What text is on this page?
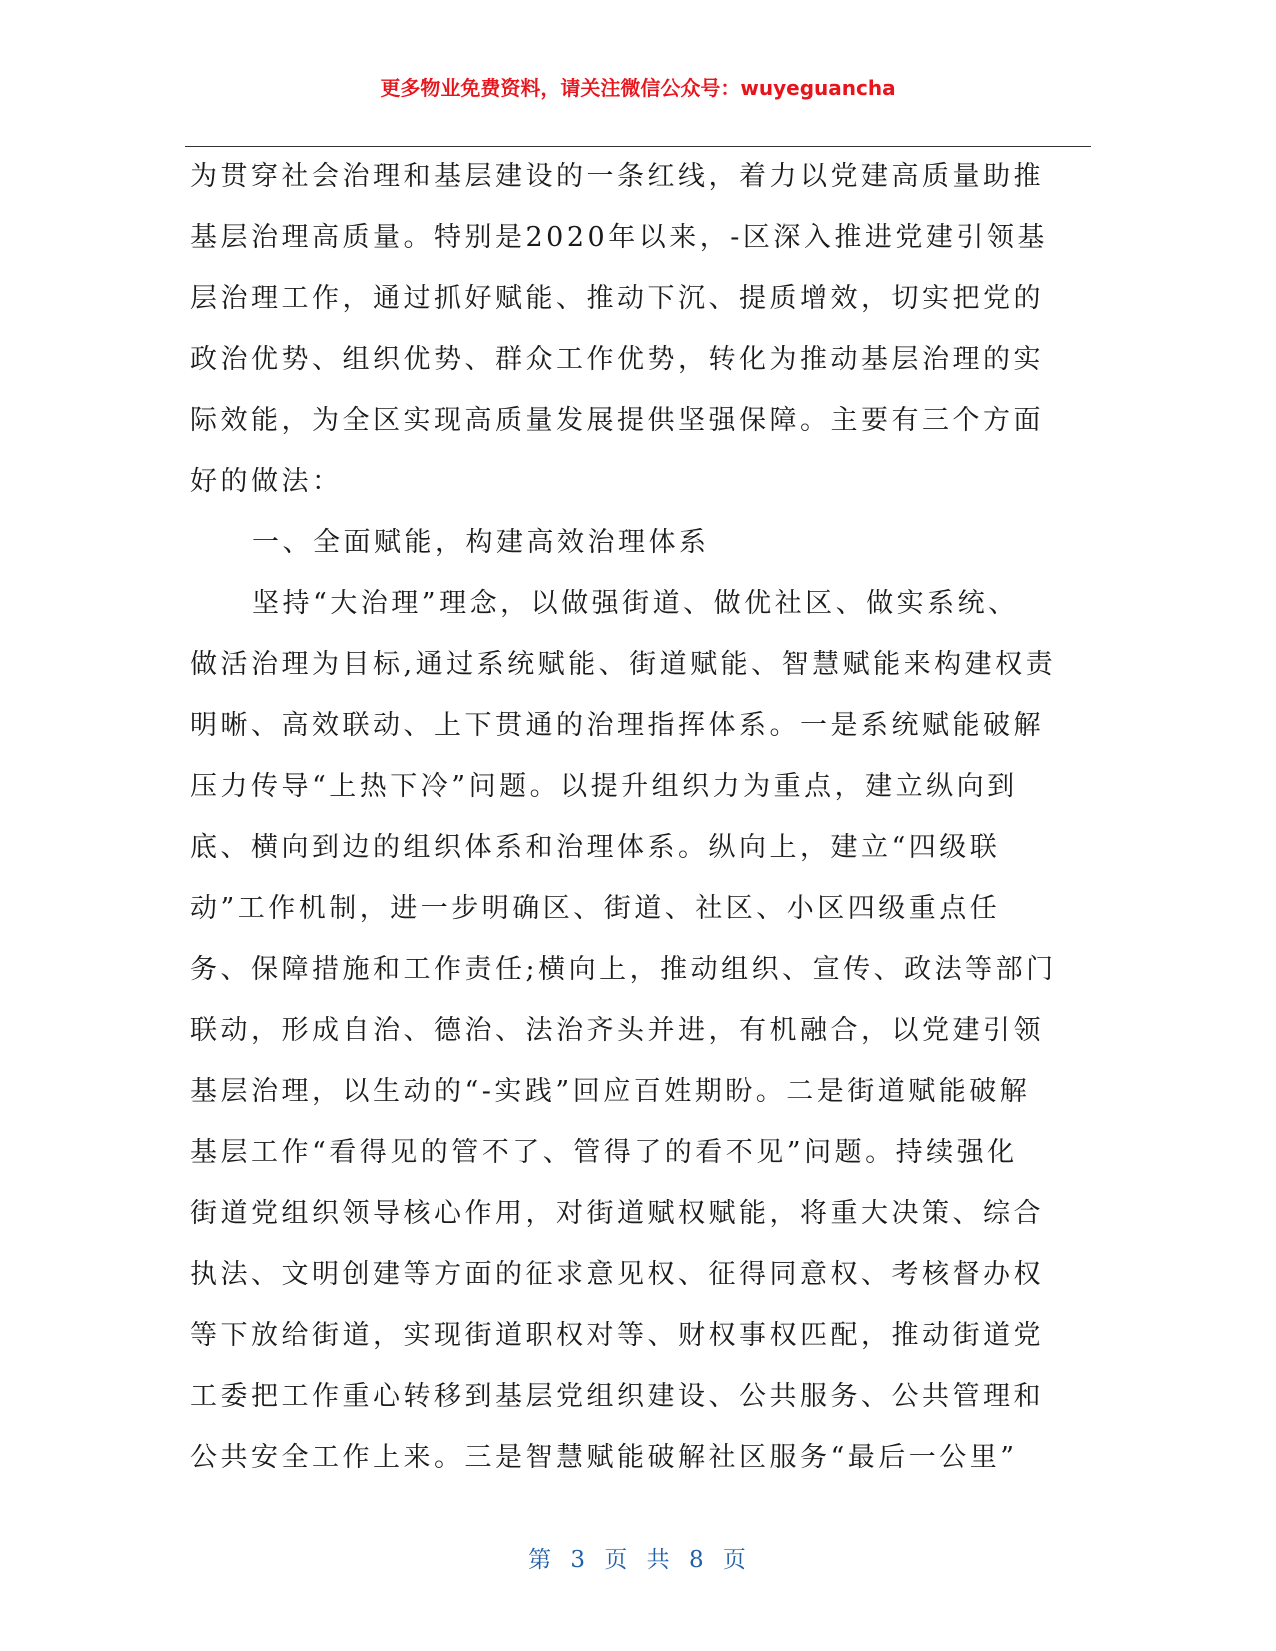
更多物业免费资料，请关注微信公众号：wuyeguancha
为贯穿社会治理和基层建设的一条红线，着力以党建高质量助推
基层治理高质量。特别是2020年以来，-区深入推进党建引领基
层治理工作，通过抓好赋能、推动下沉、提质增效，切实把党的
政治优势、组织优势、群众工作优势，转化为推动基层治理的实
际效能，为全区实现高质量发展提供坚强保障。主要有三个方面
好的做法：
一、全面赋能，构建高效治理体系
坚持“大治理”理念，以做强街道、做优社区、做实系统、
做活治理为目标,通过系统赋能、街道赋能、智慧赋能来构建权责
明晰、高效联动、上下贯通的治理指挥体系。一是系统赋能破解
压力传导“上热下冷”问题。以提升组织力为重点，建立纵向到
底、横向到边的组织体系和治理体系。纵向上，建立“四级联
动”工作机制，进一步明确区、街道、社区、小区四级重点任
务、保障措施和工作责任;横向上，推动组织、宣传、政法等部门
联动，形成自治、德治、法治齐头并进，有机融合，以党建引领
基层治理，以生动的“-实践”回应百姓期盼。二是街道赋能破解
基层工作“看得见的管不了、管得了的看不见”问题。持续强化
街道党组织领导核心作用，对街道赋权赋能，将重大决策、综合
执法、文明创建等方面的征求意见权、征得同意权、考核督办权
等下放给街道，实现街道职权对等、财权事权匹配，推动街道党
工委把工作重心转移到基层党组织建设、公共服务、公共管理和
公共安全工作上来。三是智慧赋能破解社区服务“最后一公里”
第 3 页 共 8 页
